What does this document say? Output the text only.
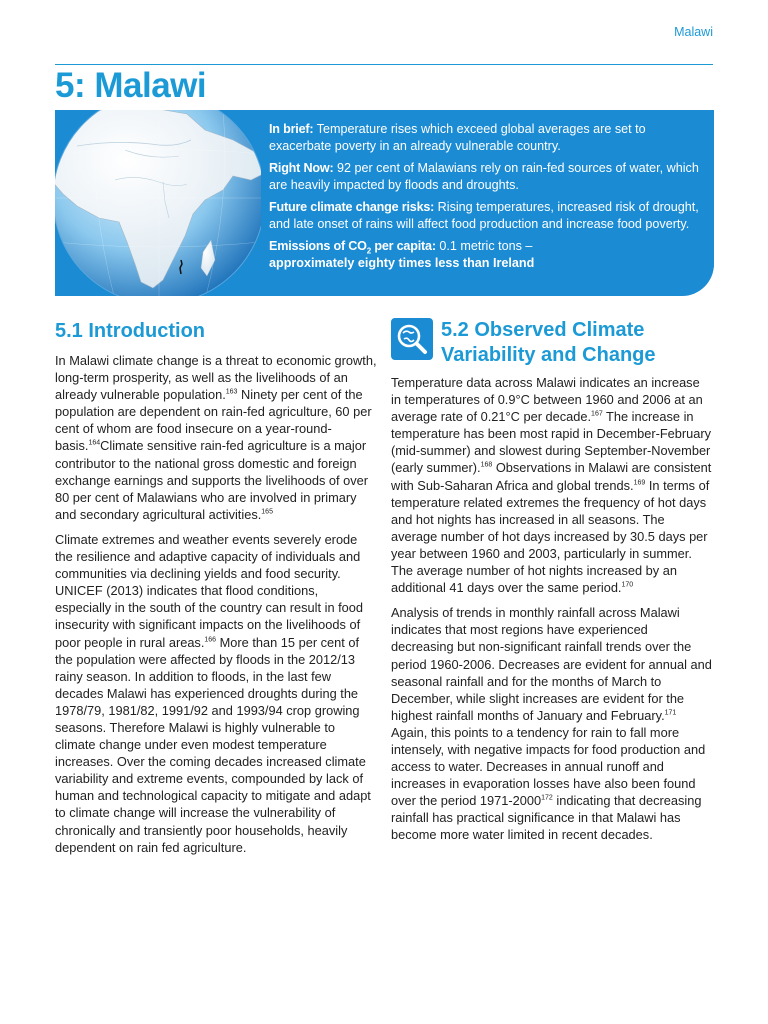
Malawi
5: Malawi

In brief: Temperature rises which exceed global averages are set to exacerbate poverty in an already vulnerable country.

Right Now: 92 per cent of Malawians rely on rain-fed sources of water, which are heavily impacted by floods and droughts.

Future climate change risks: Rising temperatures, increased risk of drought, and late onset of rains will affect food production and increase food poverty.

Emissions of $CO_2$ per capita: 0.1 metric tons –
approximately eighty times less than Ireland

5.1 Introduction

In Malawi climate change is a threat to economic growth, long-term prosperity, as well as the livelihoods of an already vulnerable population.$^{163}$ Ninety per cent of the population are dependent on rain-fed agriculture, 60 per cent of whom are food insecure on a year-round-basis.$^{164}$Climate sensitive rain-fed agriculture is a major contributor to the national gross domestic and foreign exchange earnings and supports the livelihoods of over 80 per cent of Malawians who are involved in primary and secondary agricultural activities.$^{165}$

Climate extremes and weather events severely erode the resilience and adaptive capacity of individuals and communities via declining yields and food security. UNICEF (2013) indicates that flood conditions, especially in the south of the country can result in food insecurity with significant impacts on the livelihoods of poor people in rural areas.$^{166}$ More than 15 per cent of the population were affected by floods in the 2012/13 rainy season. In addition to floods, in the last few decades Malawi has experienced droughts during the 1978/79, 1981/82, 1991/92 and 1993/94 crop growing seasons. Therefore Malawi is highly vulnerable to climate change under even modest temperature increases. Over the coming decades increased climate variability and extreme events, compounded by lack of human and technological capacity to mitigate and adapt to climate change will increase the vulnerability of chronically and transiently poor households, heavily dependent on rain fed agriculture.

5.2 Observed Climate
Variability and Change

Temperature data across Malawi indicates an increase in temperatures of 0.9°C between 1960 and 2006 at an average rate of 0.21°C per decade.$^{167}$ The increase in temperature has been most rapid in December-February (mid-summer) and slowest during September-November (early summer).$^{168}$ Observations in Malawi are consistent with Sub-Saharan Africa and global trends.$^{169}$ In terms of temperature related extremes the frequency of hot days and hot nights has increased in all seasons. The average number of hot days increased by 30.5 days per year between 1960 and 2003, particularly in summer. The average number of hot nights increased by an additional 41 days over the same period.$^{170}$

Analysis of trends in monthly rainfall across Malawi indicates that most regions have experienced decreasing but non-significant rainfall trends over the period 1960-2006. Decreases are evident for annual and seasonal rainfall and for the months of March to December, while slight increases are evident for the highest rainfall months of January and February.$^{171}$ Again, this points to a tendency for rain to fall more intensely, with negative impacts for food production and access to water. Decreases in annual runoff and increases in evaporation losses have also been found over the period 1971-2000$^{172}$ indicating that decreasing rainfall has practical significance in that Malawi has become more water limited in recent decades.
